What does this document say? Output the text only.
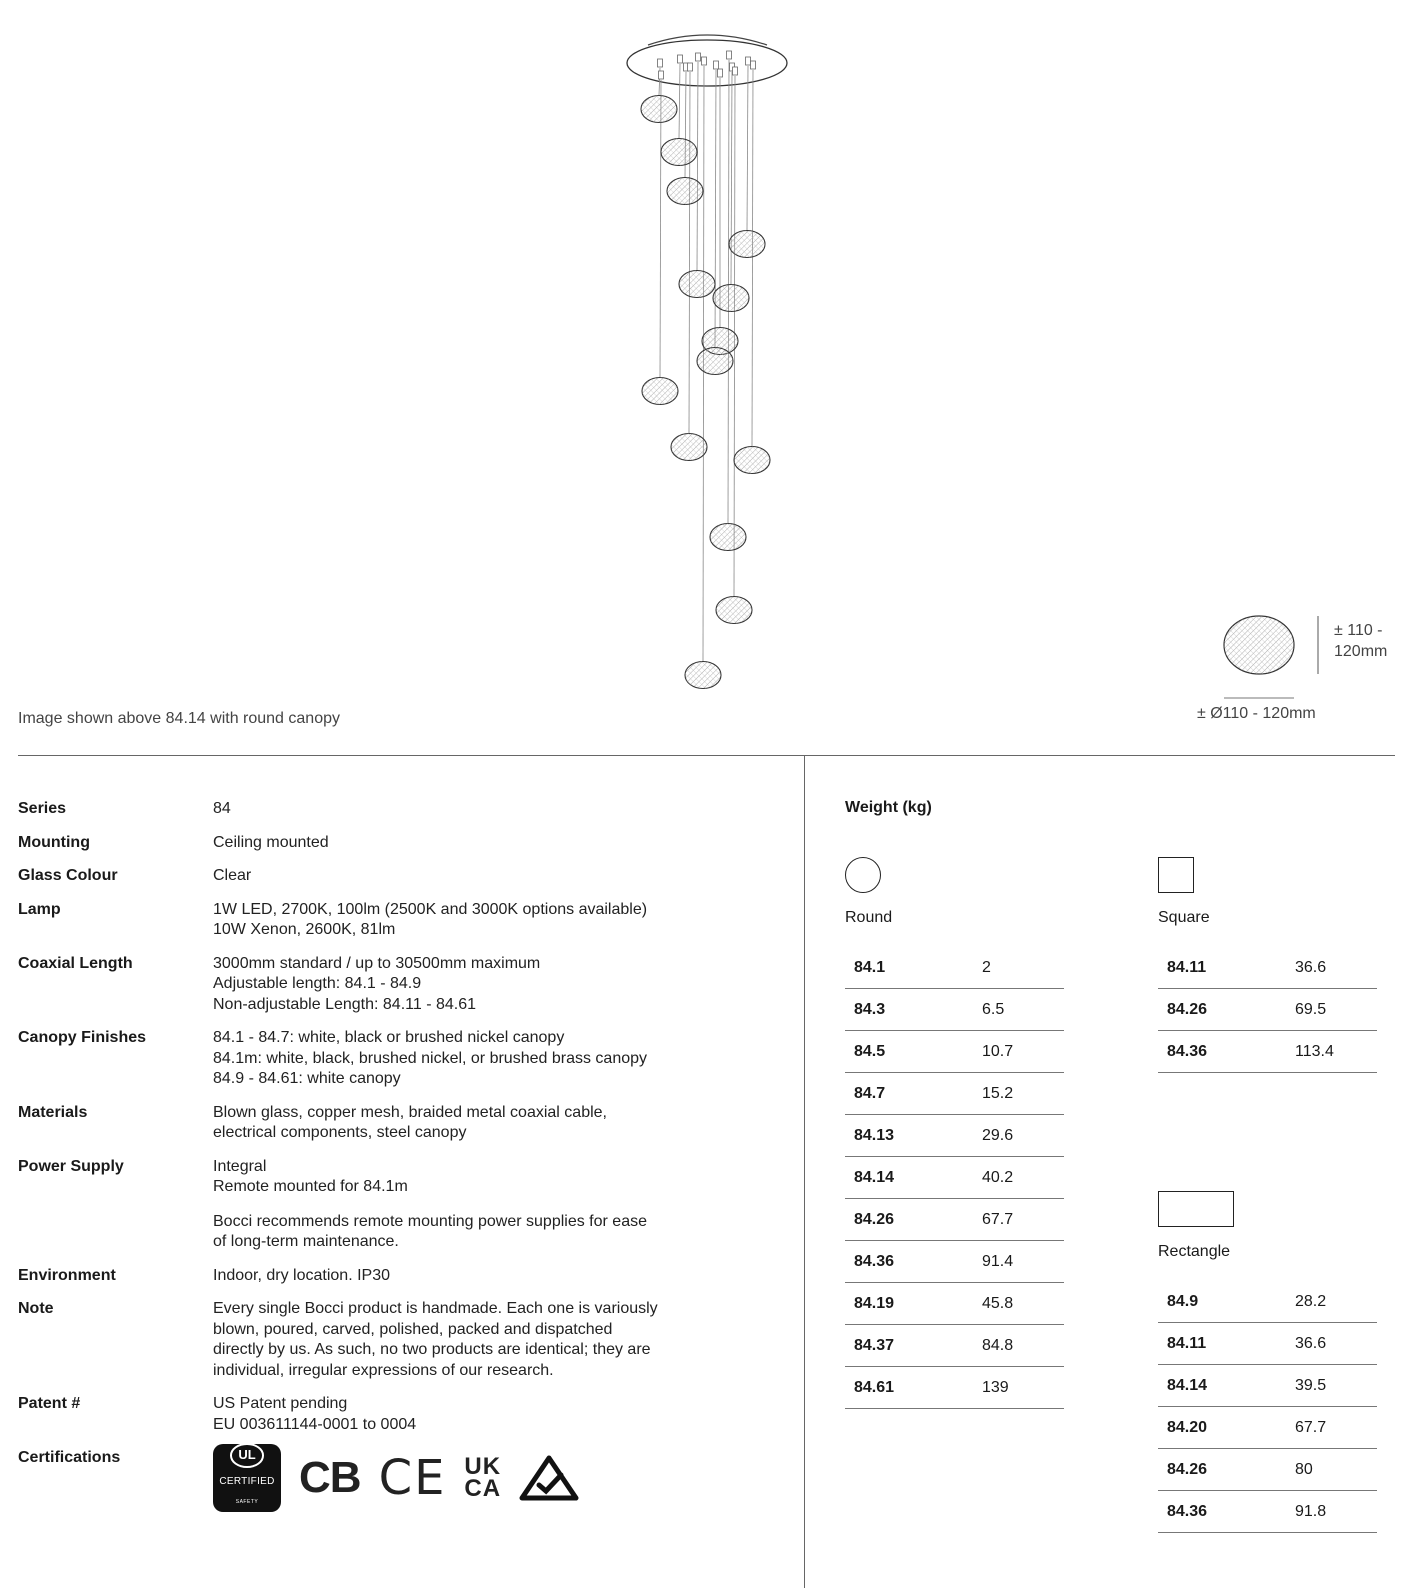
Image shown above 84.14 with round canopy
± 110 -
120mm
± Ø110 - 120mm
Series	84
Mounting	Ceiling mounted
Glass Colour	Clear
Lamp	1W LED, 2700K, 100lm (2500K and 3000K options available)
10W Xenon, 2600K, 81lm
Coaxial Length	3000mm standard / up to 30500mm maximum
Adjustable length: 84.1 - 84.9
Non-adjustable Length: 84.11 - 84.61
Canopy Finishes	84.1 - 84.7: white, black or brushed nickel canopy
84.1m: white, black, brushed nickel, or brushed brass canopy
84.9 - 84.61: white canopy
Materials	Blown glass, copper mesh, braided metal coaxial cable,
electrical components, steel canopy
Power Supply	Integral
Remote mounted for 84.1m
Bocci recommends remote mounting power supplies for ease
of long-term maintenance.
Environment	Indoor, dry location. IP30
Note	Every single Bocci product is handmade. Each one is variously
blown, poured, carved, polished, packed and dispatched
directly by us. As such, no two products are identical; they are
individual, irregular expressions of our research.
Patent #	US Patent pending
EU 003611144-0001 to 0004
Certifications	UL
CERTIFIED
SAFETY
CB CE UK
CA
Weight (kg)
Round
84.1	2
84.3	6.5
84.5	10.7
84.7	15.2
84.13	29.6
84.14	40.2
84.26	67.7
84.36	91.4
84.19	45.8
84.37	84.8
84.61	139
Square
84.11	36.6
84.26	69.5
84.36	113.4
Rectangle
84.9	28.2
84.11	36.6
84.14	39.5
84.20	67.7
84.26	80
84.36	91.8
